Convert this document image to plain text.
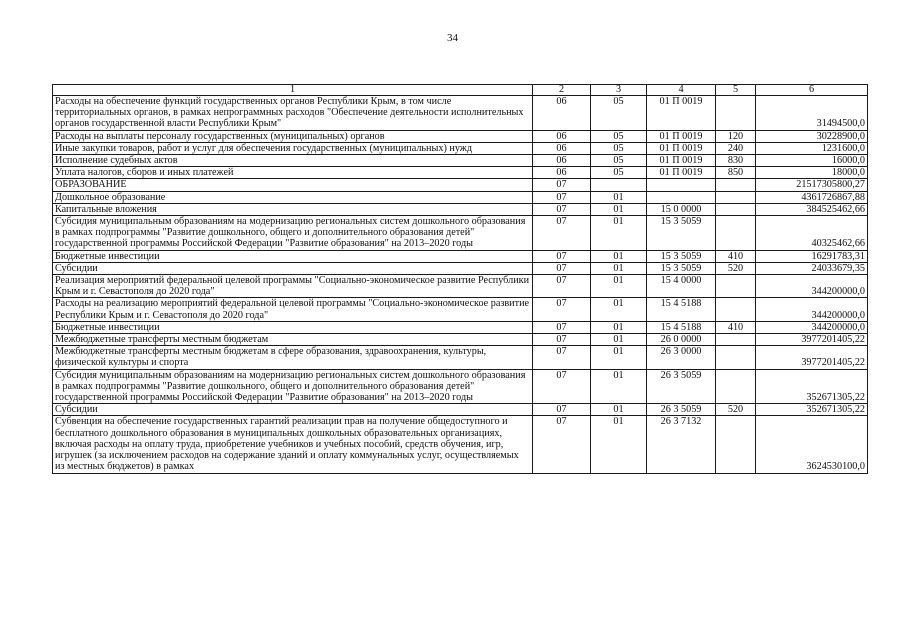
34
1	2	3	4	5	6
Расходы на обеспечение функций государственных органов Республики Крым, в том числе территориальных органов, в рамках непрограммных расходов "Обеспечение деятельности исполнительных органов государственной власти Республики Крым"	06	05	01 П 0019		31494500,0
Расходы на выплаты персоналу государственных (муниципальных) органов	06	05	01 П 0019	120	30228900,0
Иные закупки товаров, работ и услуг для обеспечения государственных (муниципальных) нужд	06	05	01 П 0019	240	1231600,0
Исполнение судебных актов	06	05	01 П 0019	830	16000,0
Уплата налогов, сборов и иных платежей	06	05	01 П 0019	850	18000,0
ОБРАЗОВАНИЕ	07				21517305800,27
Дошкольное образование	07	01			4361726867,88
Капитальные вложения	07	01	15 0 0000		384525462,66
Субсидия муниципальным образованиям на модернизацию региональных систем дошкольного образования в рамках подпрограммы "Развитие дошкольного, общего и дополнительного образования детей" государственной программы Российской Федерации "Развитие образования" на 2013–2020 годы	07	01	15 3 5059		40325462,66
Бюджетные инвестиции	07	01	15 3 5059	410	16291783,31
Субсидии	07	01	15 3 5059	520	24033679,35
Реализация мероприятий федеральной целевой программы "Социально-экономическое развитие Республики Крым и г. Севастополя до 2020 года"	07	01	15 4 0000		344200000,0
Расходы на реализацию мероприятий федеральной целевой программы "Социально-экономическое развитие Республики Крым и г. Севастополя до 2020 года"	07	01	15 4 5188		344200000,0
Бюджетные инвестиции	07	01	15 4 5188	410	344200000,0
Межбюджетные трансферты местным бюджетам	07	01	26 0 0000		3977201405,22
Межбюджетные трансферты местным бюджетам в сфере образования, здравоохранения, культуры, физической культуры и спорта	07	01	26 3 0000		3977201405,22
Субсидия муниципальным образованиям на модернизацию региональных систем дошкольного образования в рамках подпрограммы "Развитие дошкольного, общего и дополнительного образования детей" государственной программы Российской Федерации "Развитие образования" на 2013–2020 годы	07	01	26 3 5059		352671305,22
Субсидии	07	01	26 3 5059	520	352671305,22
Субвенция на обеспечение государственных гарантий реализации прав на получение общедоступного и бесплатного дошкольного образования в муниципальных дошкольных образовательных организациях, включая расходы на оплату труда, приобретение учебников и учебных пособий, средств обучения, игр, игрушек (за исключением расходов на содержание зданий и оплату коммунальных услуг, осуществляемых из местных бюджетов) в рамках	07	01	26 3 7132		3624530100,0
